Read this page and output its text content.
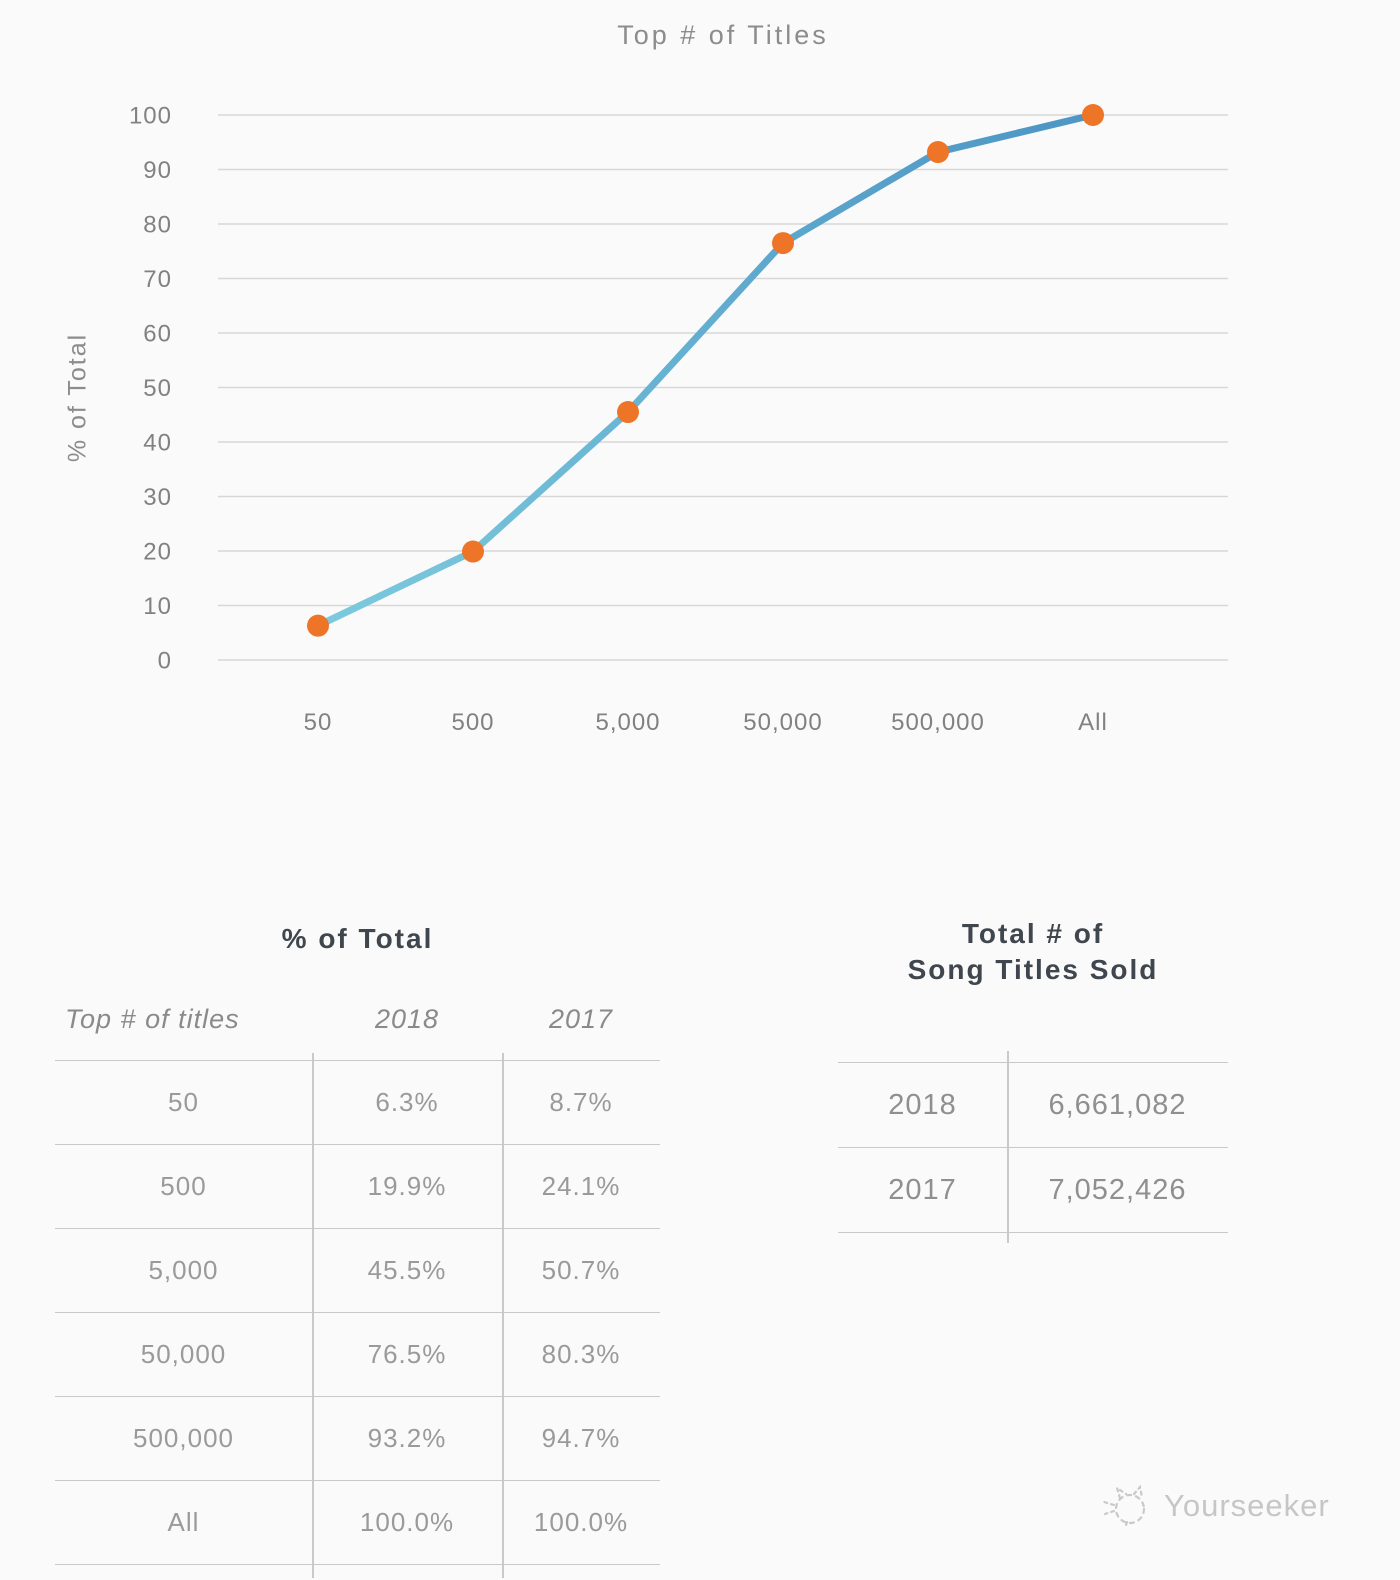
Top # of Titles
% of Total
0
10
20
30
40
50
60
70
80
90
100
50	500	5,000	50,000	500,000	All
% of Total
Top # of titles	2018	2017
50	6.3%	8.7%
500	19.9%	24.1%
5,000	45.5%	50.7%
50,000	76.5%	80.3%
500,000	93.2%	94.7%
All	100.0%	100.0%
Total # of
Song Titles Sold
2018	6,661,082
2017	7,052,426
Yourseeker
